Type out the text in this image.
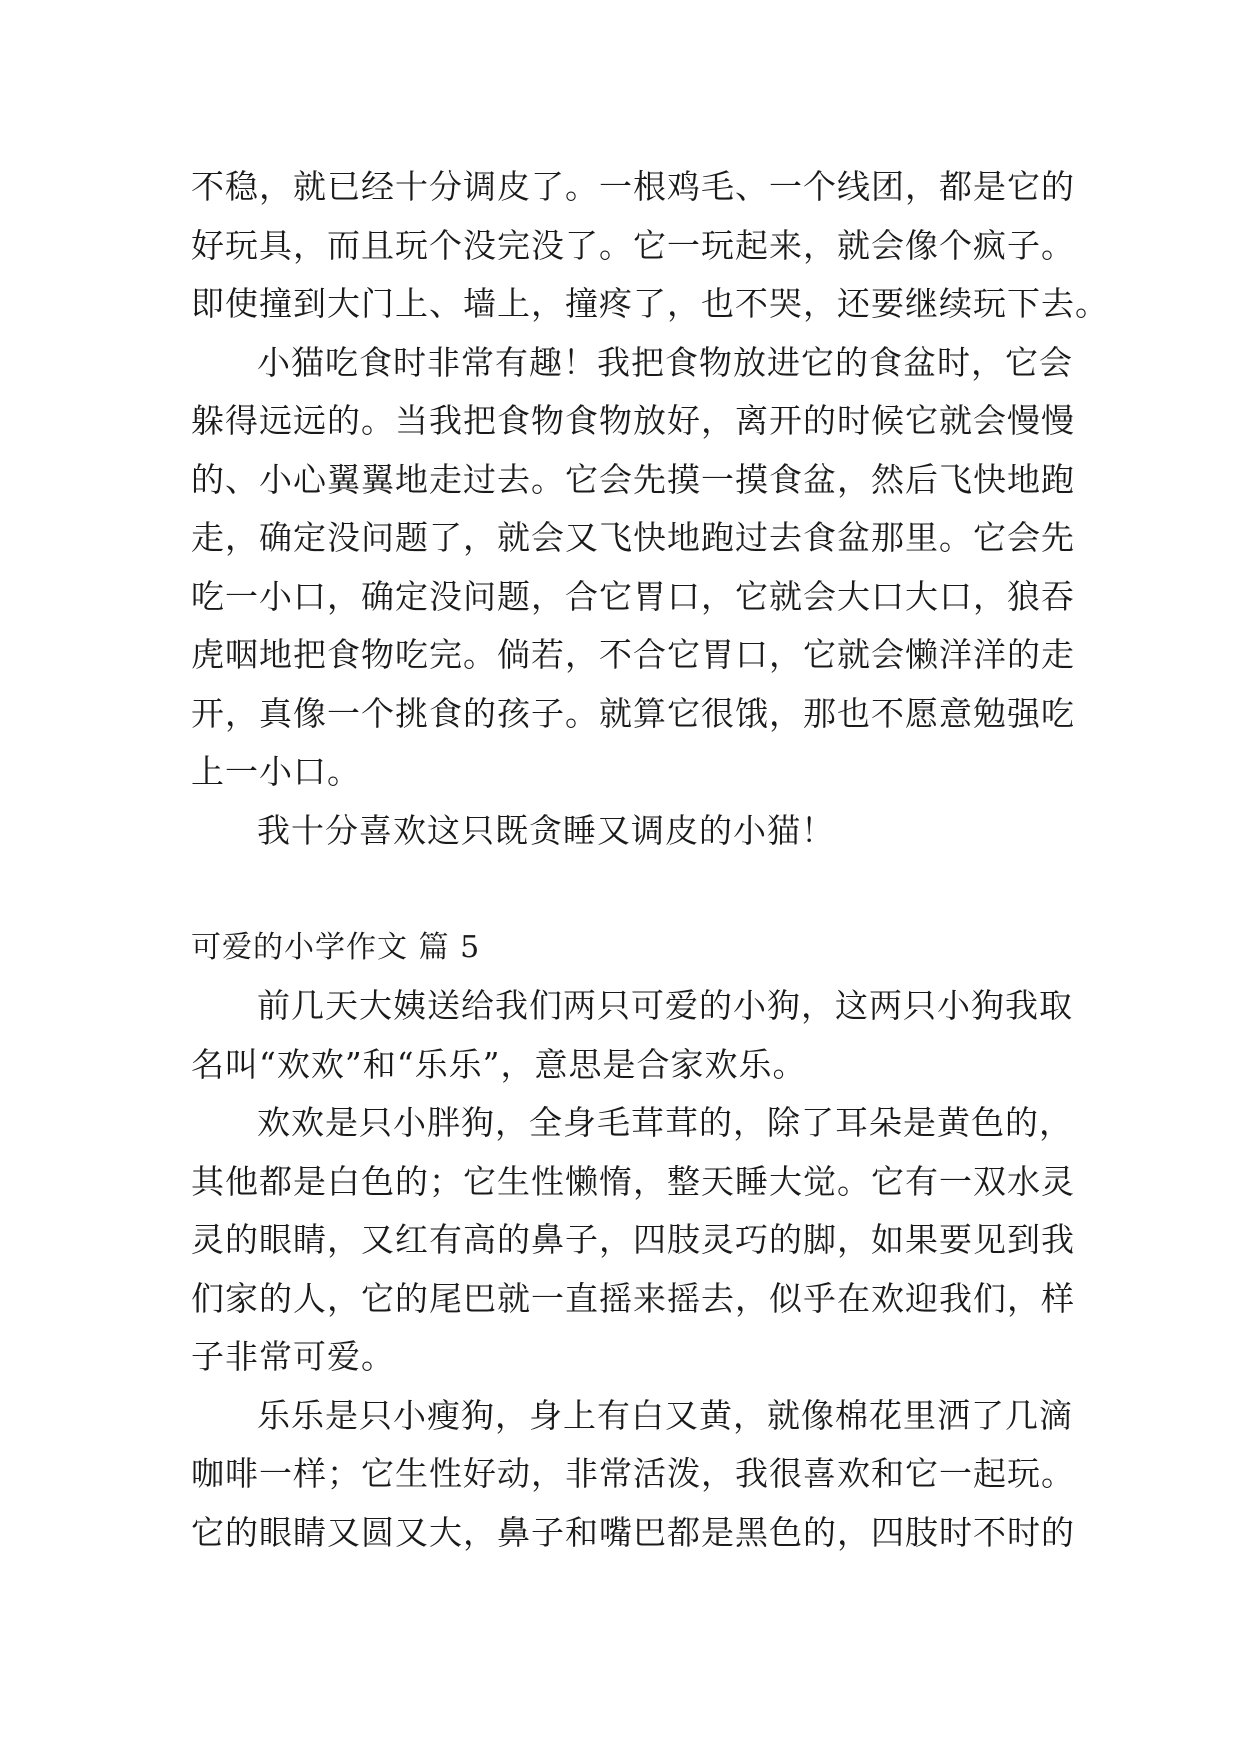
不稳，就已经十分调皮了。一根鸡毛、一个线团，都是它的
好玩具，而且玩个没完没了。它一玩起来，就会像个疯子。
即使撞到大门上、墙上，撞疼了，也不哭，还要继续玩下去。
小猫吃食时非常有趣！我把食物放进它的食盆时，它会
躲得远远的。当我把食物食物放好，离开的时候它就会慢慢
的、小心翼翼地走过去。它会先摸一摸食盆，然后飞快地跑
走，确定没问题了，就会又飞快地跑过去食盆那里。它会先
吃一小口，确定没问题，合它胃口，它就会大口大口，狼吞
虎咽地把食物吃完。倘若，不合它胃口，它就会懒洋洋的走
开，真像一个挑食的孩子。就算它很饿，那也不愿意勉强吃
上一小口。
我十分喜欢这只既贪睡又调皮的小猫！
可爱的小学作文 篇 5
前几天大姨送给我们两只可爱的小狗，这两只小狗我取
名叫“欢欢”和“乐乐”，意思是合家欢乐。
欢欢是只小胖狗，全身毛茸茸的，除了耳朵是黄色的，
其他都是白色的；它生性懒惰，整天睡大觉。它有一双水灵
灵的眼睛，又红有高的鼻子，四肢灵巧的脚，如果要见到我
们家的人，它的尾巴就一直摇来摇去，似乎在欢迎我们，样
子非常可爱。
乐乐是只小瘦狗，身上有白又黄，就像棉花里洒了几滴
咖啡一样；它生性好动，非常活泼，我很喜欢和它一起玩。
它的眼睛又圆又大，鼻子和嘴巴都是黑色的，四肢时不时的
